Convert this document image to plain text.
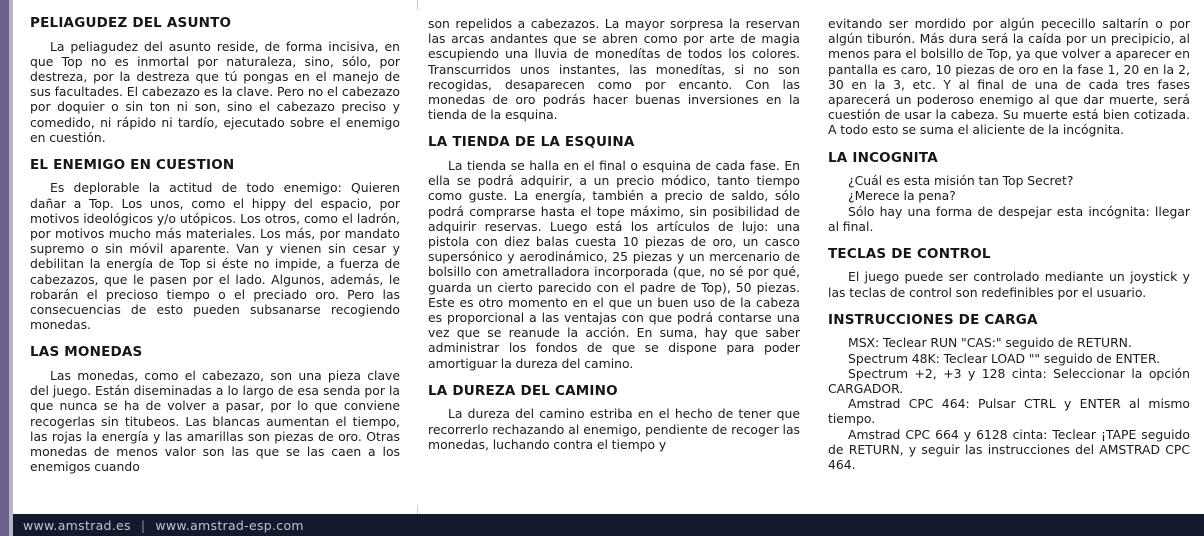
PELIAGUDEZ DEL ASUNTO

La peliagudez del asunto reside, de forma incisiva, en que Top no es inmortal por naturaleza, sino, sólo, por destreza, por la destreza que tú pongas en el manejo de sus facultades. El cabezazo es la clave. Pero no el cabezazo por doquier o sin ton ni son, sino el cabezazo preciso y comedido, ni rápido ni tardío, ejecutado sobre el enemigo en cuestión.

EL ENEMIGO EN CUESTION

Es deplorable la actitud de todo enemigo: Quieren dañar a Top. Los unos, como el hippy del espacio, por motivos ideológicos y/o utópicos. Los otros, como el ladrón, por motivos mucho más materiales. Los más, por mandato supremo o sin móvil aparente. Van y vienen sin cesar y debilitan la energía de Top si éste no impide, a fuerza de cabezazos, que le pasen por el lado. Algunos, además, le robarán el precioso tiempo o el preciado oro. Pero las consecuencias de esto pueden subsanarse recogiendo monedas.

LAS MONEDAS

Las monedas, como el cabezazo, son una pieza clave del juego. Están diseminadas a lo largo de esa senda por la que nunca se ha de volver a pasar, por lo que conviene recogerlas sin titubeos. Las blancas aumentan el tiempo, las rojas la energía y las amarillas son piezas de oro. Otras monedas de menos valor son las que se las caen a los enemigos cuando

son repelidos a cabezazos. La mayor sorpresa la reservan las arcas andantes que se abren como por arte de magia escupiendo una lluvia de monedítas de todos los colores. Transcurridos unos instantes, las monedítas, si no son recogidas, desaparecen como por encanto. Con las monedas de oro podrás hacer buenas inversiones en la tienda de la esquina.

LA TIENDA DE LA ESQUINA

La tienda se halla en el final o esquina de cada fase. En ella se podrá adquirir, a un precio módico, tanto tiempo como guste. La energía, también a precio de saldo, sólo podrá comprarse hasta el tope máximo, sin posibilidad de adquirir reservas. Luego está los artículos de lujo: una pistola con diez balas cuesta 10 piezas de oro, un casco supersónico y aerodinámico, 25 piezas y un mercenario de bolsillo con ametralladora incorporada (que, no sé por qué, guarda un cierto parecido con el padre de Top), 50 piezas. Este es otro momento en el que un buen uso de la cabeza es proporcional a las ventajas con que podrá contarse una vez que se reanude la acción. En suma, hay que saber administrar los fondos de que se dispone para poder amortiguar la dureza del camino.

LA DUREZA DEL CAMINO

La dureza del camino estriba en el hecho de tener que recorrerlo rechazando al enemigo, pendiente de recoger las monedas, luchando contra el tiempo y

evitando ser mordido por algún pececillo saltarín o por algún tiburón. Más dura será la caída por un precipicio, al menos para el bolsillo de Top, ya que volver a aparecer en pantalla es caro, 10 piezas de oro en la fase 1, 20 en la 2, 30 en la 3, etc. Y al final de una de cada tres fases aparecerá un poderoso enemigo al que dar muerte, será cuestión de usar la cabeza. Su muerte está bien cotizada. A todo esto se suma el aliciente de la incógnita.

LA INCOGNITA

¿Cuál es esta misión tan Top Secret?

¿Merece la pena?

Sólo hay una forma de despejar esta incógnita: llegar al final.

TECLAS DE CONTROL

El juego puede ser controlado mediante un joystick y las teclas de control son redefinibles por el usuario.

INSTRUCCIONES DE CARGA

MSX: Teclear RUN "CAS:" seguido de RETURN.

Spectrum 48K: Teclear LOAD "" seguido de ENTER.

Spectrum +2, +3 y 128 cinta: Seleccionar la opción CARGADOR.

Amstrad CPC 464: Pulsar CTRL y ENTER al mismo tiempo.

Amstrad CPC 664 y 6128 cinta: Teclear ¡TAPE seguido de RETURN, y seguir las instrucciones del AMSTRAD CPC 464.

www.amstrad.es | www.amstrad-esp.com
